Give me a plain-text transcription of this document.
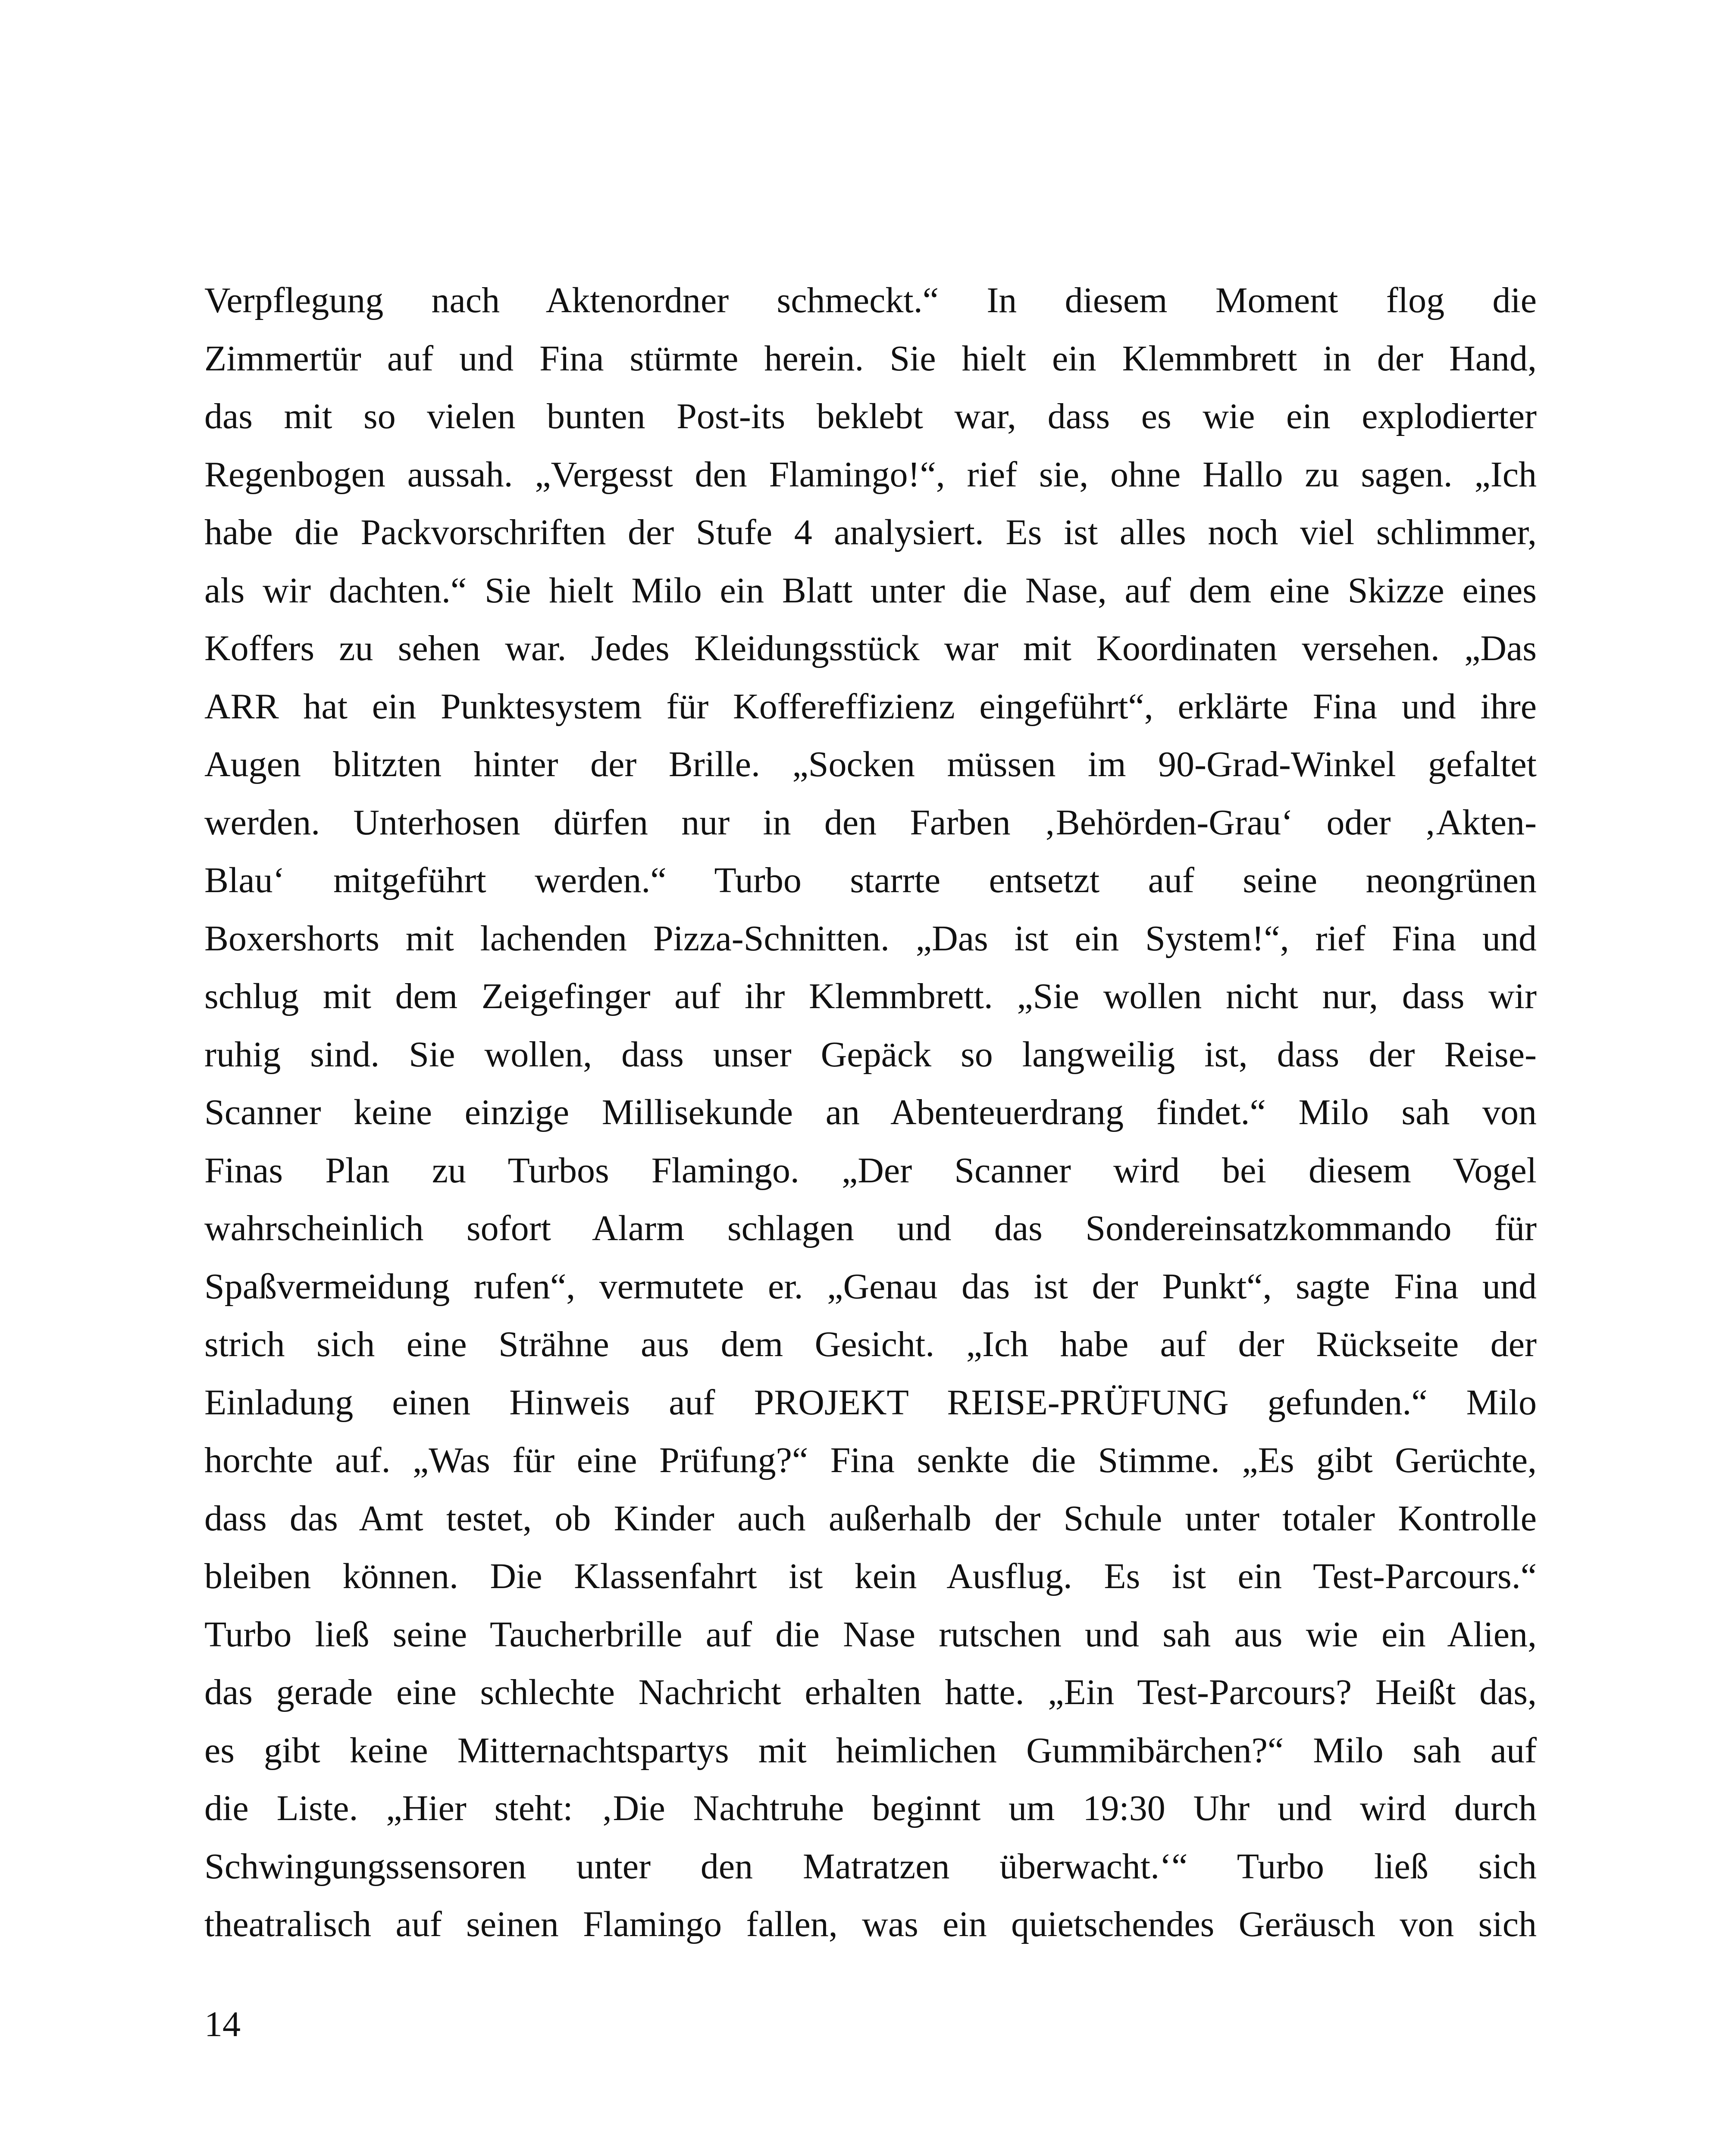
Verpflegung nach Aktenordner schmeckt.“ In diesem Moment flog die
Zimmertür auf und Fina stürmte herein. Sie hielt ein Klemmbrett in der Hand,
das mit so vielen bunten Post-its beklebt war, dass es wie ein explodierter
Regenbogen aussah. „Vergesst den Flamingo!“, rief sie, ohne Hallo zu sagen. „Ich
habe die Packvorschriften der Stufe 4 analysiert. Es ist alles noch viel schlimmer,
als wir dachten.“ Sie hielt Milo ein Blatt unter die Nase, auf dem eine Skizze eines
Koffers zu sehen war. Jedes Kleidungsstück war mit Koordinaten versehen. „Das
ARR hat ein Punktesystem für Koffereffizienz eingeführt“, erklärte Fina und ihre
Augen blitzten hinter der Brille. „Socken müssen im 90-Grad-Winkel gefaltet
werden. Unterhosen dürfen nur in den Farben ‚Behörden-Grau‘ oder ‚Akten-
Blau‘ mitgeführt werden.“ Turbo starrte entsetzt auf seine neongrünen
Boxershorts mit lachenden Pizza-Schnitten. „Das ist ein System!“, rief Fina und
schlug mit dem Zeigefinger auf ihr Klemmbrett. „Sie wollen nicht nur, dass wir
ruhig sind. Sie wollen, dass unser Gepäck so langweilig ist, dass der Reise-
Scanner keine einzige Millisekunde an Abenteuerdrang findet.“ Milo sah von
Finas Plan zu Turbos Flamingo. „Der Scanner wird bei diesem Vogel
wahrscheinlich sofort Alarm schlagen und das Sondereinsatzkommando für
Spaßvermeidung rufen“, vermutete er. „Genau das ist der Punkt“, sagte Fina und
strich sich eine Strähne aus dem Gesicht. „Ich habe auf der Rückseite der
Einladung einen Hinweis auf PROJEKT REISE-PRÜFUNG gefunden.“ Milo
horchte auf. „Was für eine Prüfung?“ Fina senkte die Stimme. „Es gibt Gerüchte,
dass das Amt testet, ob Kinder auch außerhalb der Schule unter totaler Kontrolle
bleiben können. Die Klassenfahrt ist kein Ausflug. Es ist ein Test-Parcours.“
Turbo ließ seine Taucherbrille auf die Nase rutschen und sah aus wie ein Alien,
das gerade eine schlechte Nachricht erhalten hatte. „Ein Test-Parcours? Heißt das,
es gibt keine Mitternachtspartys mit heimlichen Gummibärchen?“ Milo sah auf
die Liste. „Hier steht: ‚Die Nachtruhe beginnt um 19:30 Uhr und wird durch
Schwingungssensoren unter den Matratzen überwacht.‘“ Turbo ließ sich
theatralisch auf seinen Flamingo fallen, was ein quietschendes Geräusch von sich

14
